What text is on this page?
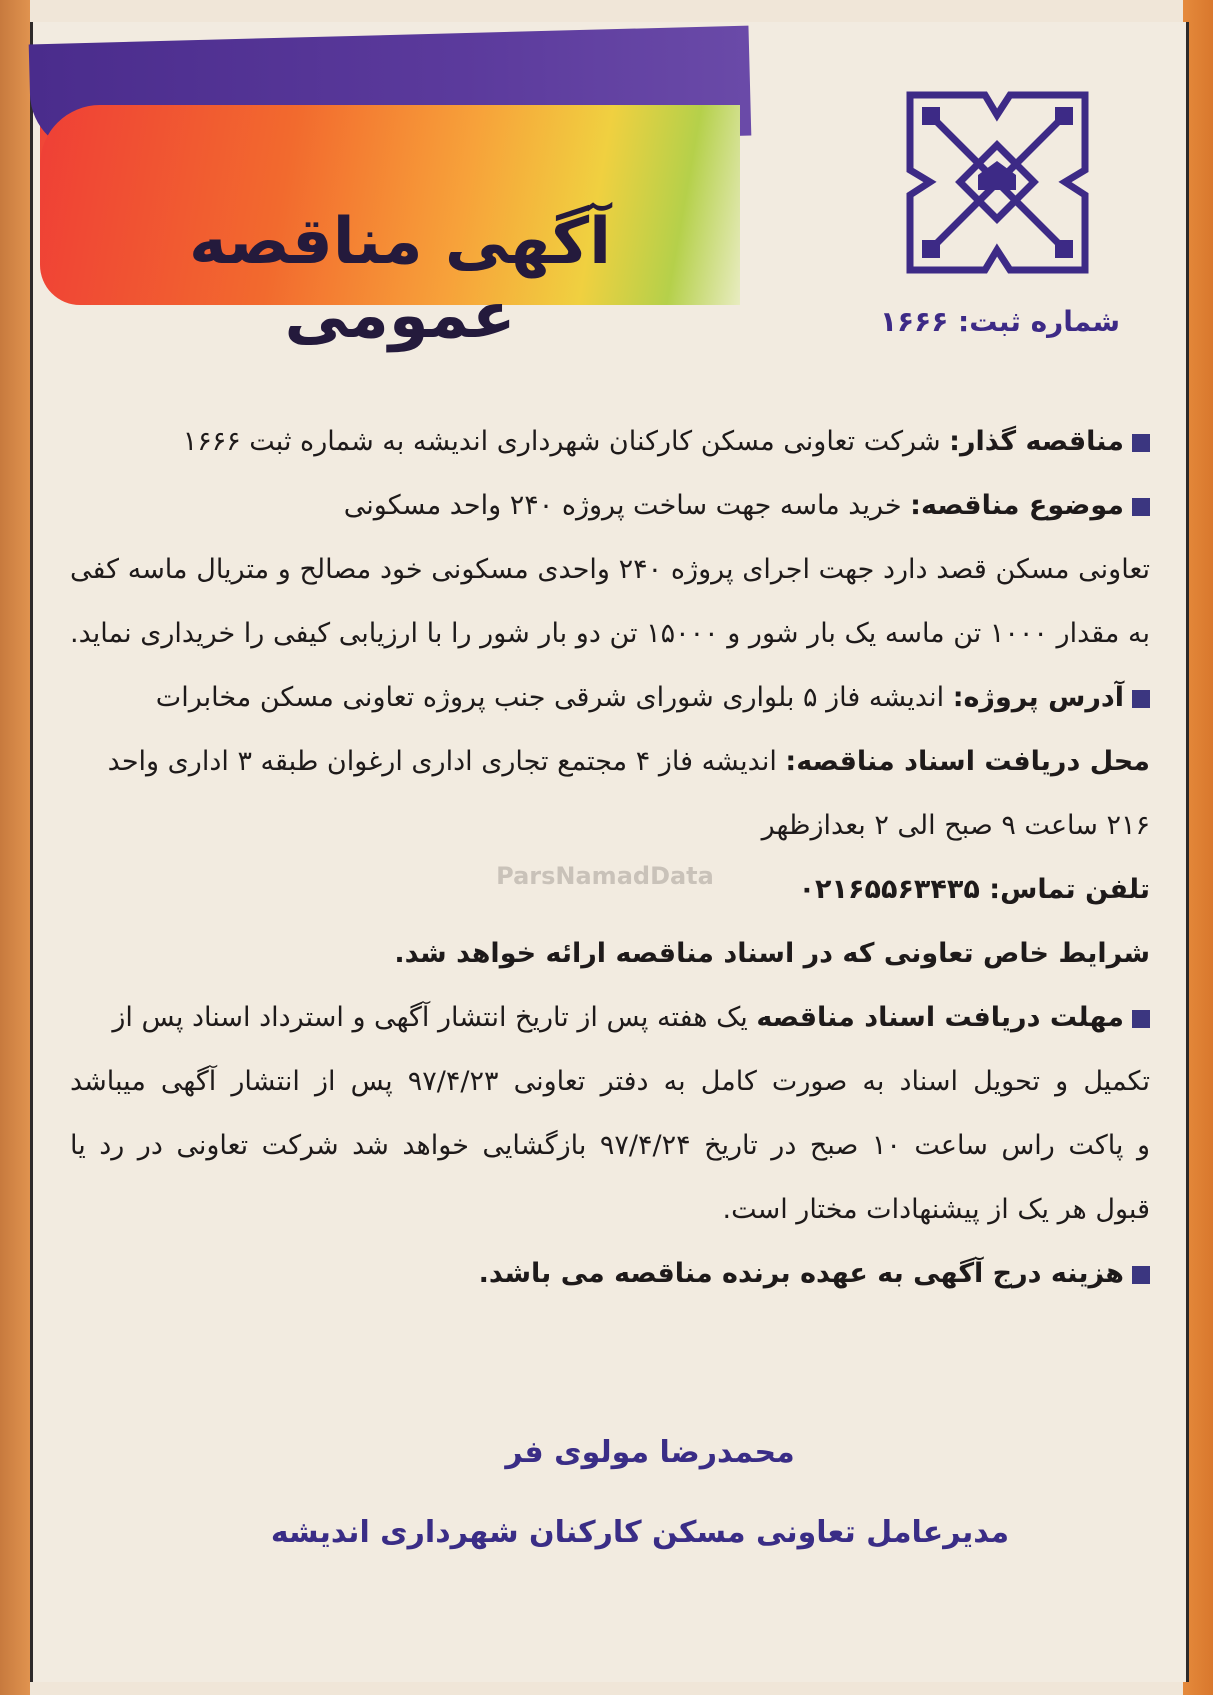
آگهی مناقصه عمومی	شماره ثبت: ۱۶۶۶
ParsNamadData
مناقصه گذار: شرکت تعاونی مسکن کارکنان شهرداری اندیشه به شماره ثبت ۱۶۶۶
موضوع مناقصه: خرید ماسه جهت ساخت پروژه ۲۴۰ واحد مسکونی
تعاونی مسکن قصد دارد جهت اجرای پروژه ۲۴۰ واحدی مسکونی خود مصالح و متریال ماسه کفی
به مقدار ۱۰۰۰ تن ماسه یک بار شور و ۱۵۰۰۰ تن دو بار شور را با ارزیابی کیفی را خریداری نماید.
آدرس پروژه: اندیشه فاز ۵ بلواری شورای شرقی جنب پروژه تعاونی مسکن مخابرات
محل دریافت اسناد مناقصه: اندیشه فاز ۴ مجتمع تجاری اداری ارغوان طبقه ۳ اداری واحد
۲۱۶ ساعت ۹ صبح الی ۲ بعدازظهر
تلفن تماس: ۰۲۱۶۵۵۶۳۴۳۵
شرایط خاص تعاونی که در اسناد مناقصه ارائه خواهد شد.
مهلت دریافت اسناد مناقصه یک هفته پس از تاریخ انتشار آگهی و استرداد اسناد پس از
تکمیل و تحویل اسناد به صورت کامل به دفتر تعاونی ۹۷/۴/۲۳ پس از انتشار آگهی میباشد
و پاکت راس ساعت ۱۰ صبح در تاریخ ۹۷/۴/۲۴ بازگشایی خواهد شد شرکت تعاونی در رد یا
قبول هر یک از پیشنهادات مختار است.
هزینه درج آگهی به عهده برنده مناقصه می باشد.
محمدرضا مولوی فر
مدیرعامل تعاونی مسکن کارکنان شهرداری اندیشه
